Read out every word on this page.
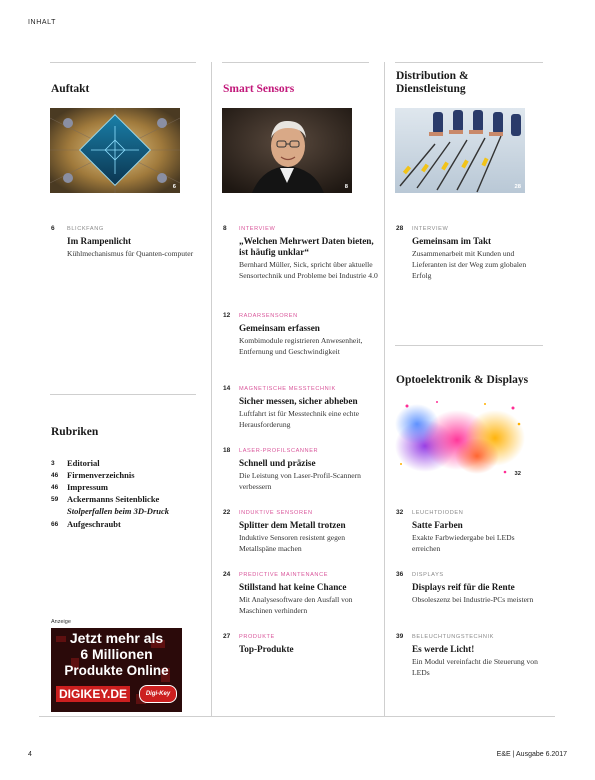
INHALT
Auftakt
6
6 BLICKFANG
Im Rampenlicht
Kühlmechanismus für Quanten-computer
Rubriken
3 Editorial
46 Firmenverzeichnis
46 Impressum
59 Ackermanns Seitenblicke
Stolperfallen beim 3D-Druck
66 Aufgeschraubt
Anzeige
Jetzt mehr als
6 Millionen
Produkte Online
DIGIKEY.DE	Digi-Key
Smart Sensors
8
8 INTERVIEW
„Welchen Mehrwert Daten bieten, ist häufig unklar“
Bernhard Müller, Sick, spricht über aktuelle Sensortechnik und Probleme bei Industrie 4.0
12 RADARSENSOREN
Gemeinsam erfassen
Kombimodule registrieren Anwesenheit, Entfernung und Geschwindigkeit
14 MAGNETISCHE MESSTECHNIK
Sicher messen, sicher abheben
Luftfahrt ist für Messtechnik eine echte Herausforderung
18 LASER-PROFILSCANNER
Schnell und präzise
Die Leistung von Laser-Profil-Scannern verbessern
22 INDUKTIVE SENSOREN
Splitter dem Metall trotzen
Induktive Sensoren resistent gegen Metallspäne machen
24 PREDICTIVE MAINTENANCE
Stillstand hat keine Chance
Mit Analysesoftware den Ausfall von Maschinen verhindern
27 PRODUKTE
Top-Produkte
Distribution &
Dienstleistung
28
28 INTERVIEW
Gemeinsam im Takt
Zusammenarbeit mit Kunden und Lieferanten ist der Weg zum globalen Erfolg
Optoelektronik & Displays
32
32 LEUCHTDIODEN
Satte Farben
Exakte Farbwiedergabe bei LEDs erreichen
36 DISPLAYS
Displays reif für die Rente
Obsoleszenz bei Industrie-PCs meistern
39 BELEUCHTUNGSTECHNIK
Es werde Licht!
Ein Modul vereinfacht die Steuerung von LEDs
4	E&E | Ausgabe 6.2017
